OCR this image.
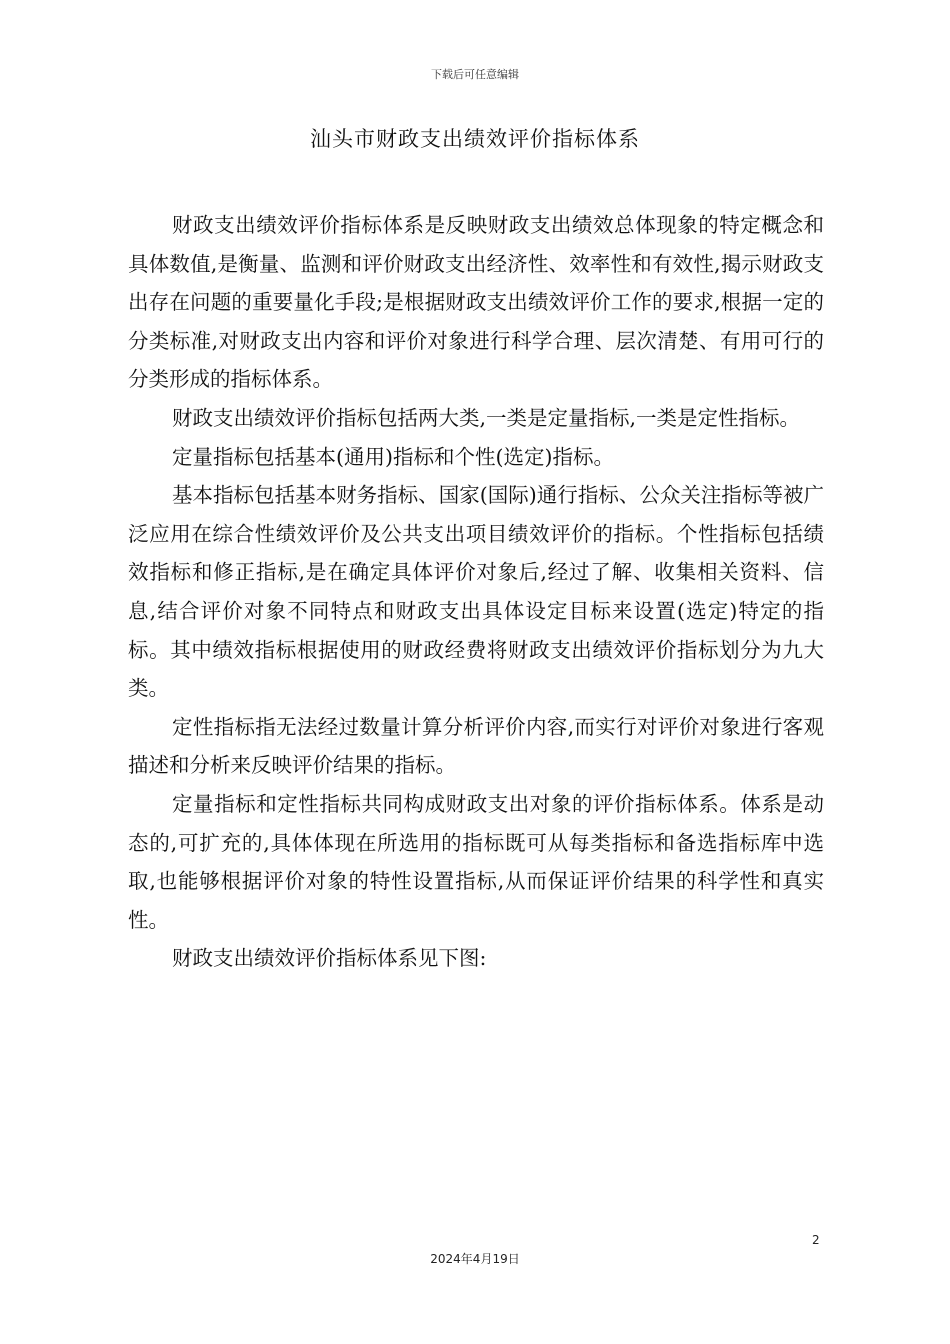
下载后可任意编辑
汕头市财政支出绩效评价指标体系

财政支出绩效评价指标体系是反映财政支出绩效总体现象的特定概念和具体数值,是衡量、监测和评价财政支出经济性、效率性和有效性,揭示财政支出存在问题的重要量化手段;是根据财政支出绩效评价工作的要求,根据一定的分类标准,对财政支出内容和评价对象进行科学合理、层次清楚、有用可行的分类形成的指标体系。

财政支出绩效评价指标包括两大类,一类是定量指标,一类是定性指标。

定量指标包括基本(通用)指标和个性(选定)指标。

基本指标包括基本财务指标、国家(国际)通行指标、公众关注指标等被广泛应用在综合性绩效评价及公共支出项目绩效评价的指标。个性指标包括绩效指标和修正指标,是在确定具体评价对象后,经过了解、收集相关资料、信息,结合评价对象不同特点和财政支出具体设定目标来设置(选定)特定的指标。其中绩效指标根据使用的财政经费将财政支出绩效评价指标划分为九大类。

定性指标指无法经过数量计算分析评价内容,而实行对评价对象进行客观描述和分析来反映评价结果的指标。

定量指标和定性指标共同构成财政支出对象的评价指标体系。体系是动态的,可扩充的,具体体现在所选用的指标既可从每类指标和备选指标库中选取,也能够根据评价对象的特性设置指标,从而保证评价结果的科学性和真实性。

财政支出绩效评价指标体系见下图:

2
2024年4月19日
